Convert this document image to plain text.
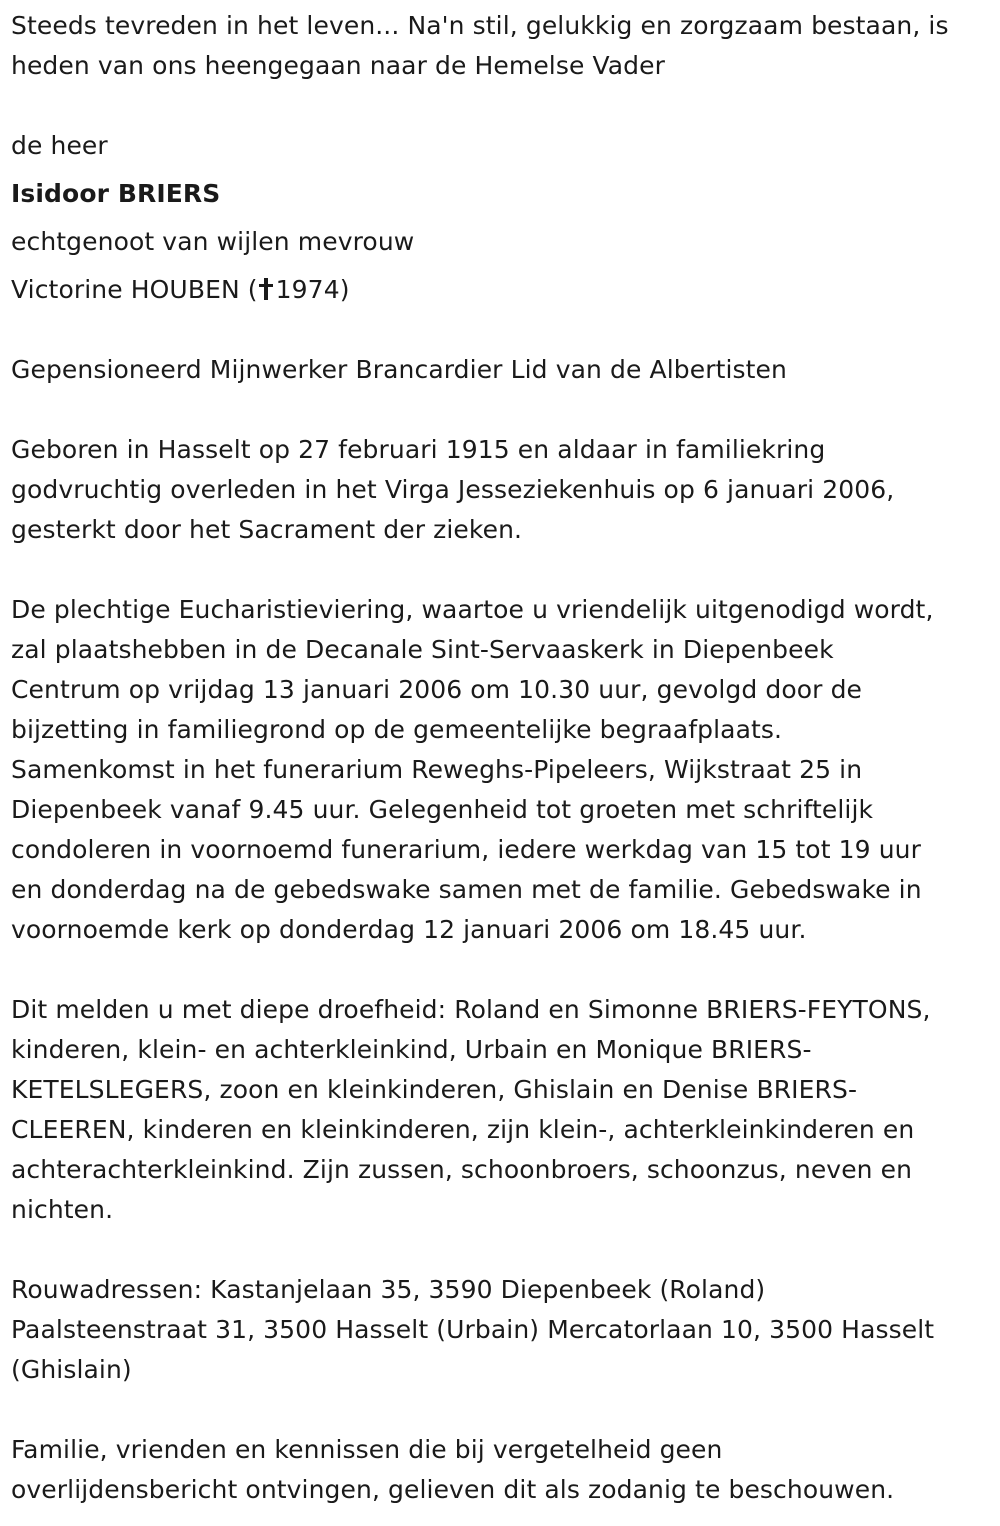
Steeds tevreden in het leven... Na'n stil, gelukkig en zorgzaam bestaan, is

heden van ons heengegaan naar de Hemelse Vader

de heer

Isidoor BRIERS

echtgenoot van wijlen mevrouw

Victorine HOUBEN ( 1974)

Gepensioneerd Mijnwerker Brancardier Lid van de Albertisten

Geboren in Hasselt op 27 februari 1915 en aldaar in familiekring

godvruchtig overleden in het Virga Jesseziekenhuis op 6 januari 2006,

gesterkt door het Sacrament der zieken.

De plechtige Eucharistieviering, waartoe u vriendelijk uitgenodigd wordt,

zal plaatshebben in de Decanale Sint-Servaaskerk in Diepenbeek

Centrum op vrijdag 13 januari 2006 om 10.30 uur, gevolgd door de

bijzetting in familiegrond op de gemeentelijke begraafplaats.

Samenkomst in het funerarium Reweghs-Pipeleers, Wijkstraat 25 in

Diepenbeek vanaf 9.45 uur. Gelegenheid tot groeten met schriftelijk

condoleren in voornoemd funerarium, iedere werkdag van 15 tot 19 uur

en donderdag na de gebedswake samen met de familie. Gebedswake in

voornoemde kerk op donderdag 12 januari 2006 om 18.45 uur.

Dit melden u met diepe droefheid: Roland en Simonne BRIERS-FEYTONS,

kinderen, klein- en achterkleinkind, Urbain en Monique BRIERS-

KETELSLEGERS, zoon en kleinkinderen, Ghislain en Denise BRIERS-

CLEEREN, kinderen en kleinkinderen, zijn klein-, achterkleinkinderen en

achterachterkleinkind. Zijn zussen, schoonbroers, schoonzus, neven en

nichten.

Rouwadressen: Kastanjelaan 35, 3590 Diepenbeek (Roland)

Paalsteenstraat 31, 3500 Hasselt (Urbain) Mercatorlaan 10, 3500 Hasselt

(Ghislain)

Familie, vrienden en kennissen die bij vergetelheid geen

overlijdensbericht ontvingen, gelieven dit als zodanig te beschouwen.
